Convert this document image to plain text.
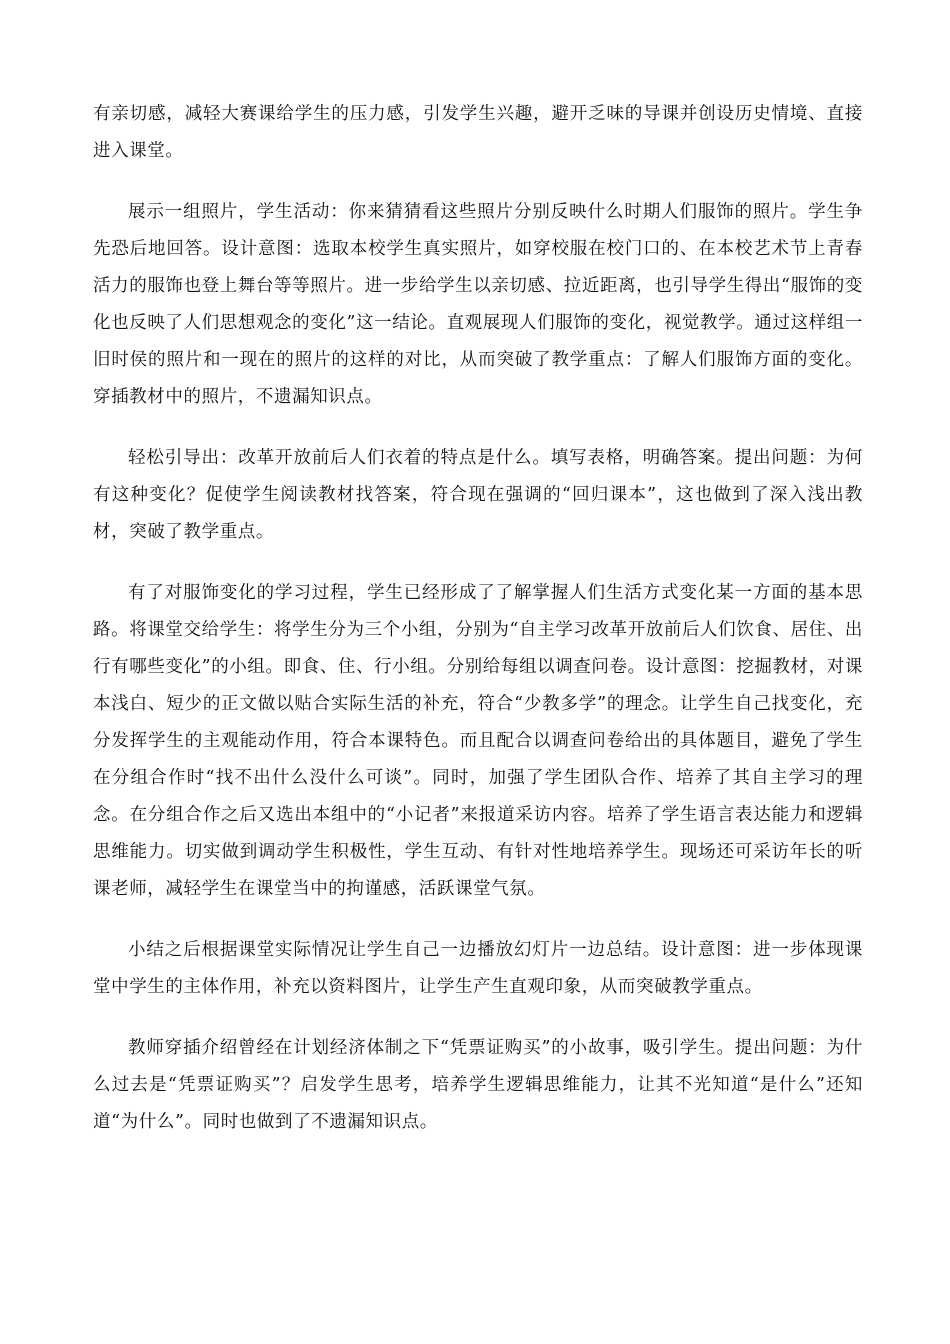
有亲切感，减轻大赛课给学生的压力感，引发学生兴趣，避开乏味的导课并创设历史情境、直接进入课堂。

展示一组照片，学生活动：你来猜猜看这些照片分别反映什么时期人们服饰的照片。学生争先恐后地回答。设计意图：选取本校学生真实照片，如穿校服在校门口的、在本校艺术节上青春活力的服饰也登上舞台等等照片。进一步给学生以亲切感、拉近距离，也引导学生得出“服饰的变化也反映了人们思想观念的变化”这一结论。直观展现人们服饰的变化，视觉教学。通过这样组一旧时侯的照片和一现在的照片的这样的对比，从而突破了教学重点：了解人们服饰方面的变化。穿插教材中的照片，不遗漏知识点。

轻松引导出：改革开放前后人们衣着的特点是什么。填写表格，明确答案。提出问题：为何有这种变化？促使学生阅读教材找答案，符合现在强调的“回归课本”，这也做到了深入浅出教材，突破了教学重点。

有了对服饰变化的学习过程，学生已经形成了了解掌握人们生活方式变化某一方面的基本思路。将课堂交给学生：将学生分为三个小组，分别为“自主学习改革开放前后人们饮食、居住、出行有哪些变化”的小组。即食、住、行小组。分别给每组以调查问卷。设计意图：挖掘教材，对课本浅白、短少的正文做以贴合实际生活的补充，符合“少教多学”的理念。让学生自己找变化，充分发挥学生的主观能动作用，符合本课特色。而且配合以调查问卷给出的具体题目，避免了学生在分组合作时“找不出什么没什么可谈”。同时，加强了学生团队合作、培养了其自主学习的理念。在分组合作之后又选出本组中的“小记者”来报道采访内容。培养了学生语言表达能力和逻辑思维能力。切实做到调动学生积极性，学生互动、有针对性地培养学生。现场还可采访年长的听课老师，减轻学生在课堂当中的拘谨感，活跃课堂气氛。

小结之后根据课堂实际情况让学生自己一边播放幻灯片一边总结。设计意图：进一步体现课堂中学生的主体作用，补充以资料图片，让学生产生直观印象，从而突破教学重点。

教师穿插介绍曾经在计划经济体制之下“凭票证购买”的小故事，吸引学生。提出问题：为什么过去是“凭票证购买”？启发学生思考，培养学生逻辑思维能力，让其不光知道“是什么”还知道“为什么”。同时也做到了不遗漏知识点。
